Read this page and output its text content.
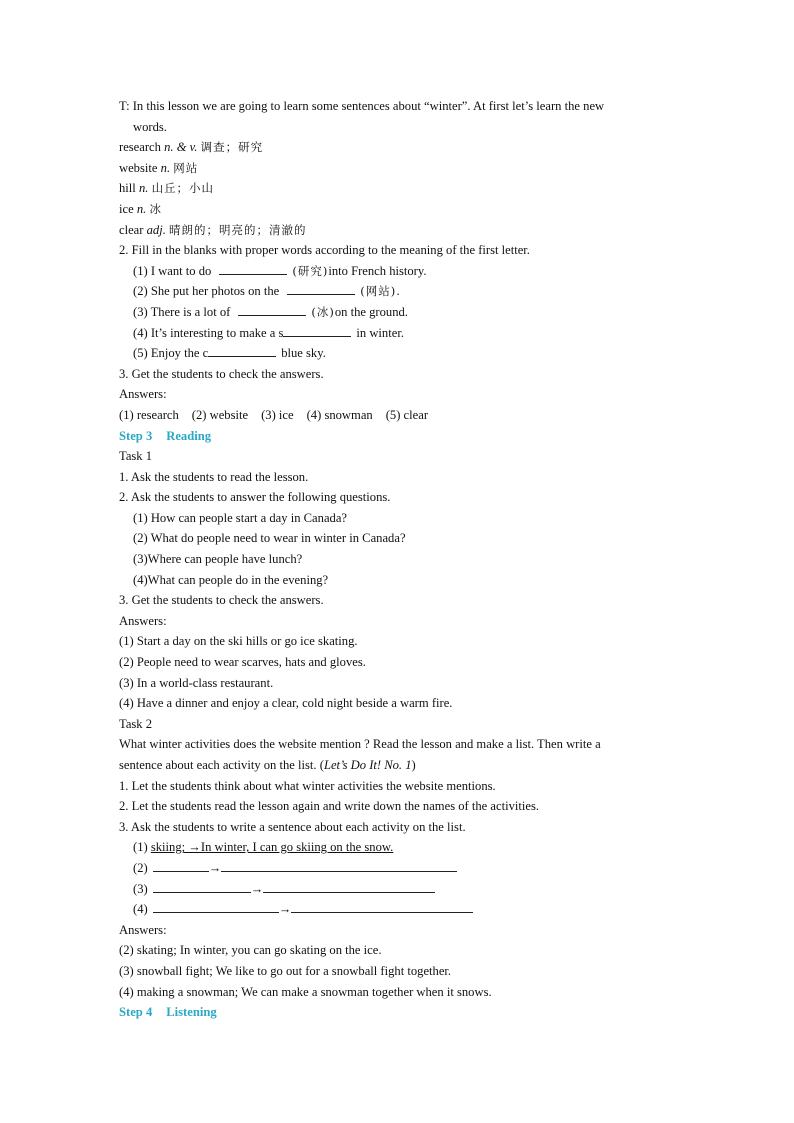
T: In this lesson we are going to learn some sentences about “winter”. At first let’s learn the new
words.
research n. & v. 调查；研究
website n. 网站
hill n. 山丘；小山
ice n. 冰
clear adj. 晴朗的；明亮的；清澈的
2. Fill in the blanks with proper words according to the meaning of the first letter.
(1) I want to do	(研究)into French history.
(2) She put her photos on the	(网站).
(3) There is a lot of	(冰)on the ground.
(4) It’s interesting to make a s	in winter.
(5) Enjoy the c	blue sky.
3. Get the students to check the answers.
Answers:
(1) research (2) website (3) ice (4) snowman (5) clear
Step 3 Reading
Task 1
1. Ask the students to read the lesson.
2. Ask the students to answer the following questions.
(1) How can people start a day in Canada?
(2) What do people need to wear in winter in Canada?
(3)Where can people have lunch?
(4)What can people do in the evening?
3. Get the students to check the answers.
Answers:
(1) Start a day on the ski hills or go ice skating.
(2) People need to wear scarves, hats and gloves.
(3) In a world-class restaurant.
(4) Have a dinner and enjoy a clear, cold night beside a warm fire.
Task 2
What winter activities does the website mention ? Read the lesson and make a list. Then write a
sentence about each activity on the list. (Let’s Do It! No. 1)
1. Let the students think about what winter activities the website mentions.
2. Let the students read the lesson again and write down the names of the activities.
3. Ask the students to write a sentence about each activity on the list.
(1) skiing; →In winter, I can go skiing on the snow.
(2)	→
(3)	→
(4)	→
Answers:
(2) skating; In winter, you can go skating on the ice.
(3) snowball fight; We like to go out for a snowball fight together.
(4) making a snowman; We can make a snowman together when it snows.
Step 4 Listening
